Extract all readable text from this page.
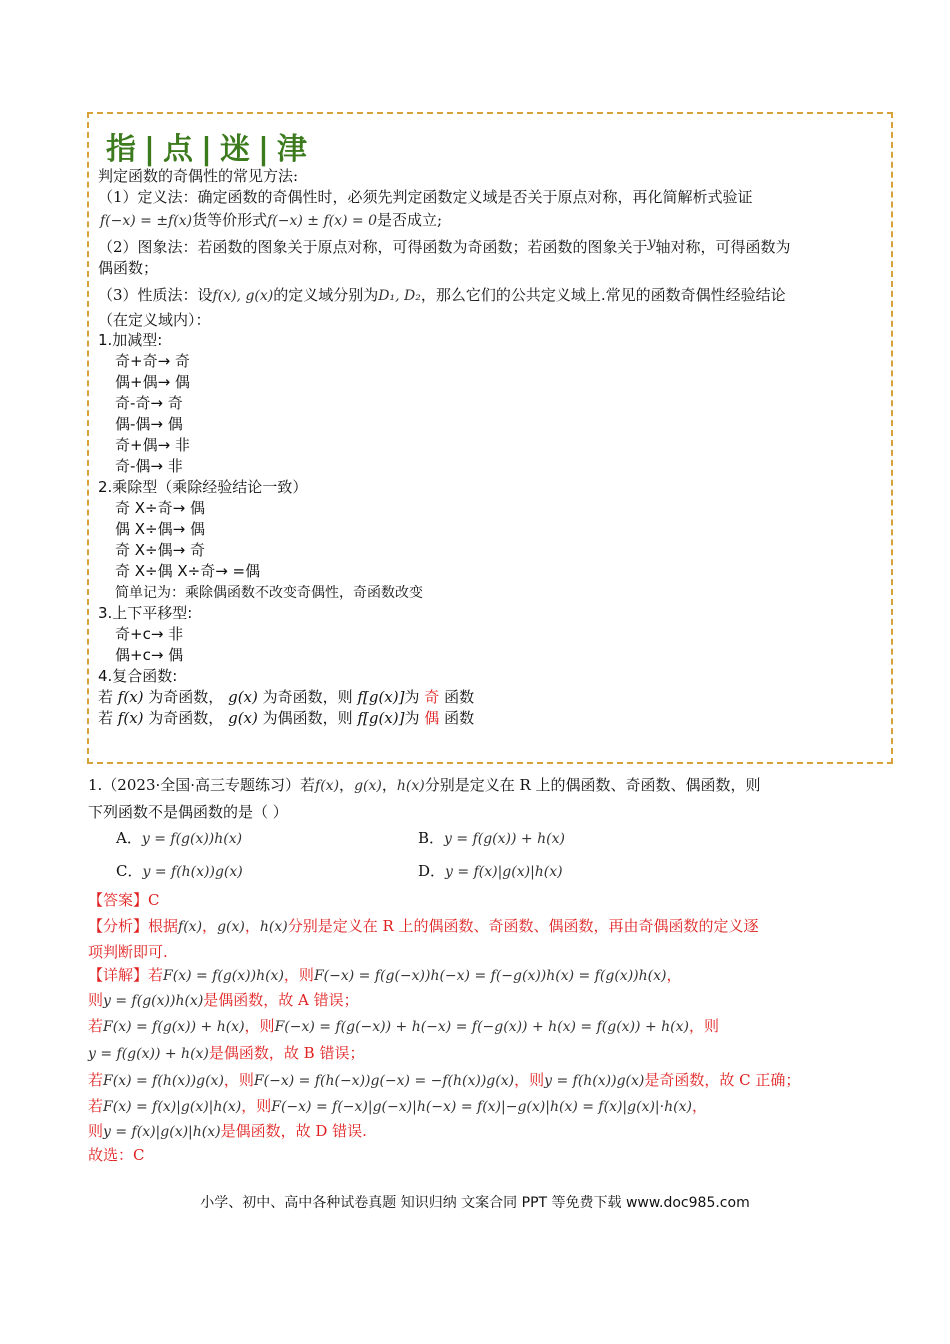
指 | 点 | 迷 | 津
判定函数的奇偶性的常见方法:
（1）定义法：确定函数的奇偶性时，必须先判定函数定义域是否关于原点对称，再化简解析式验证
f(−x) = ±f(x)货等价形式f(−x) ± f(x) = 0是否成立;
（2）图象法：若函数的图象关于原点对称，可得函数为奇函数；若函数的图象关于y轴对称，可得函数为
偶函数；
（3）性质法：设f(x), g(x)的定义域分别为D₁, D₂，那么它们的公共定义域上.常见的函数奇偶性经验结论
（在定义域内）：
1.加减型:
奇+奇→ 奇
偶+偶→ 偶
奇-奇→ 奇
偶-偶→ 偶
奇+偶→ 非
奇-偶→ 非
2.乘除型（乘除经验结论一致）
奇 X÷奇→ 偶
偶 X÷偶→ 偶
奇 X÷偶→ 奇
奇 X÷偶 X÷奇→ =偶
简单记为：乘除偶函数不改变奇偶性，奇函数改变
3.上下平移型:
奇+c→ 非
偶+c→ 偶
4.复合函数:
若 f(x) 为奇函数， g(x) 为奇函数，则 f[g(x)]为 奇 函数
若 f(x) 为奇函数， g(x) 为偶函数，则 f[g(x)]为 偶 函数
1.（2023·全国·高三专题练习）若f(x)，g(x)，h(x)分别是定义在 R 上的偶函数、奇函数、偶函数，则
下列函数不是偶函数的是（ ）
A．y = f(g(x))h(x)	B．y = f(g(x)) + h(x)
C．y = f(h(x))g(x)	D．y = f(x)|g(x)|h(x)
【答案】C
【分析】根据f(x)，g(x)，h(x)分别是定义在 R 上的偶函数、奇函数、偶函数，再由奇偶函数的定义逐
项判断即可.
【详解】若F(x) = f(g(x))h(x)，则F(−x) = f(g(−x))h(−x) = f(−g(x))h(x) = f(g(x))h(x)，
则y = f(g(x))h(x)是偶函数，故 A 错误；
若F(x) = f(g(x)) + h(x)，则F(−x) = f(g(−x)) + h(−x) = f(−g(x)) + h(x) = f(g(x)) + h(x)，则
y = f(g(x)) + h(x)是偶函数，故 B 错误；
若F(x) = f(h(x))g(x)，则F(−x) = f(h(−x))g(−x) = −f(h(x))g(x)，则y = f(h(x))g(x)是奇函数，故 C 正确；
若F(x) = f(x)|g(x)|h(x)，则F(−x) = f(−x)|g(−x)|h(−x) = f(x)|−g(x)|h(x) = f(x)|g(x)|·h(x)，
则y = f(x)|g(x)|h(x)是偶函数，故 D 错误.
故选：C
小学、初中、高中各种试卷真题 知识归纳 文案合同 PPT 等免费下载 www.doc985.com
